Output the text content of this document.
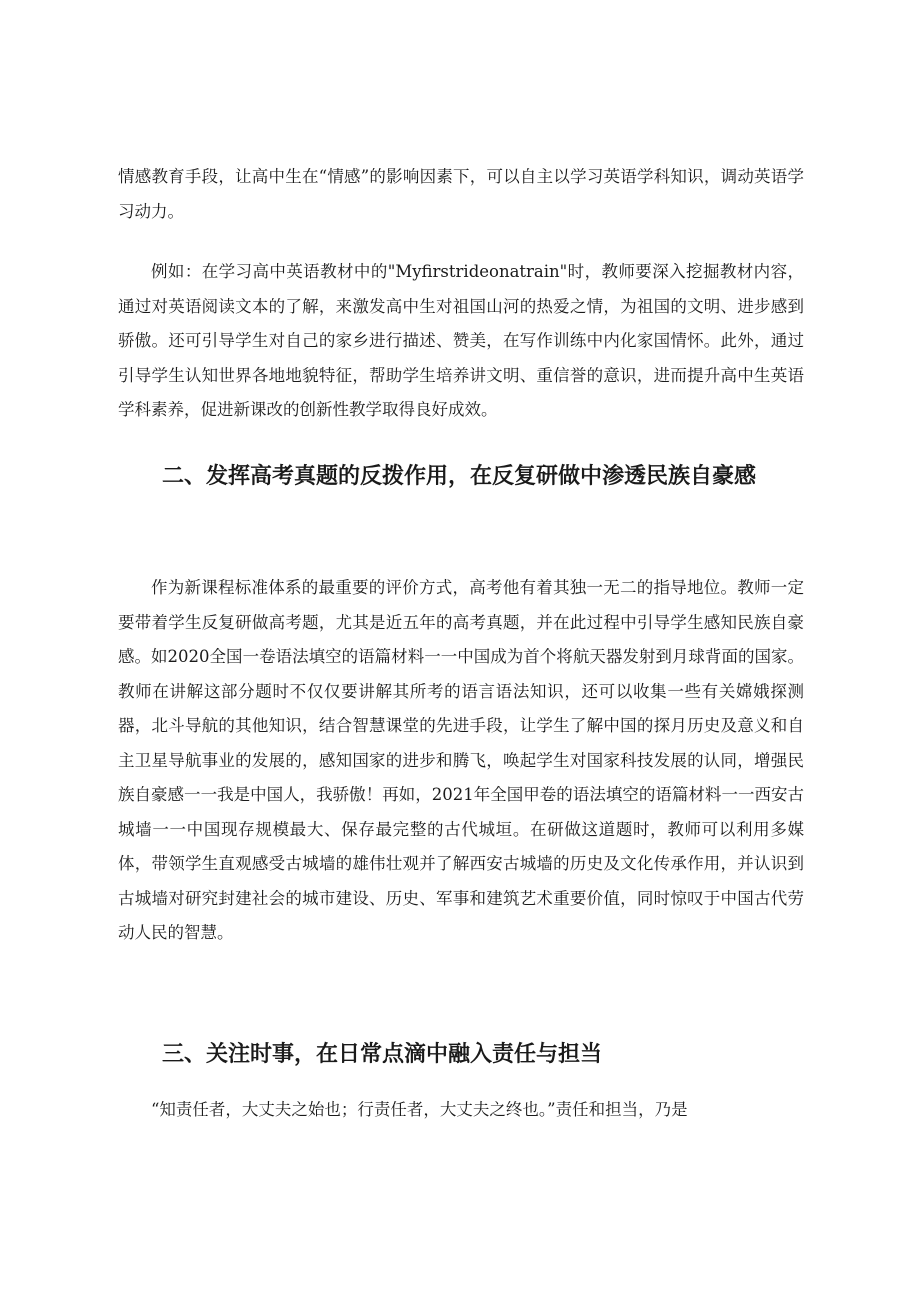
情感教育手段，让高中生在“情感”的影响因素下，可以自主以学习英语学科知识，调动英语学习动力。

例如：在学习高中英语教材中的"Myfirstrideonatrain"时，教师要深入挖掘教材内容，通过对英语阅读文本的了解，来激发高中生对祖国山河的热爱之情，为祖国的文明、进步感到骄傲。还可引导学生对自己的家乡进行描述、赞美，在写作训练中内化家国情怀。此外，通过引导学生认知世界各地地貌特征，帮助学生培养讲文明、重信誉的意识，进而提升高中生英语学科素养，促进新课改的创新性教学取得良好成效。

二、发挥高考真题的反拨作用，在反复研做中渗透民族自豪感

作为新课程标准体系的最重要的评价方式，高考他有着其独一无二的指导地位。教师一定要带着学生反复研做高考题，尤其是近五年的高考真题，并在此过程中引导学生感知民族自豪感。如2020全国一卷语法填空的语篇材料一一中国成为首个将航天器发射到月球背面的国家。教师在讲解这部分题时不仅仅要讲解其所考的语言语法知识，还可以收集一些有关嫦娥探测器，北斗导航的其他知识，结合智慧课堂的先进手段，让学生了解中国的探月历史及意义和自主卫星导航事业的发展的，感知国家的进步和腾飞，唤起学生对国家科技发展的认同，增强民族自豪感一一我是中国人，我骄傲！再如，2021年全国甲卷的语法填空的语篇材料一一西安古城墙一一中国现存规模最大、保存最完整的古代城垣。在研做这道题时，教师可以利用多媒体，带领学生直观感受古城墙的雄伟壮观并了解西安古城墙的历史及文化传承作用，并认识到古城墙对研究封建社会的城市建设、历史、军事和建筑艺术重要价值，同时惊叹于中国古代劳动人民的智慧。

三、关注时事，在日常点滴中融入责任与担当

“知责任者，大丈夫之始也；行责任者，大丈夫之终也。”责任和担当，乃是
